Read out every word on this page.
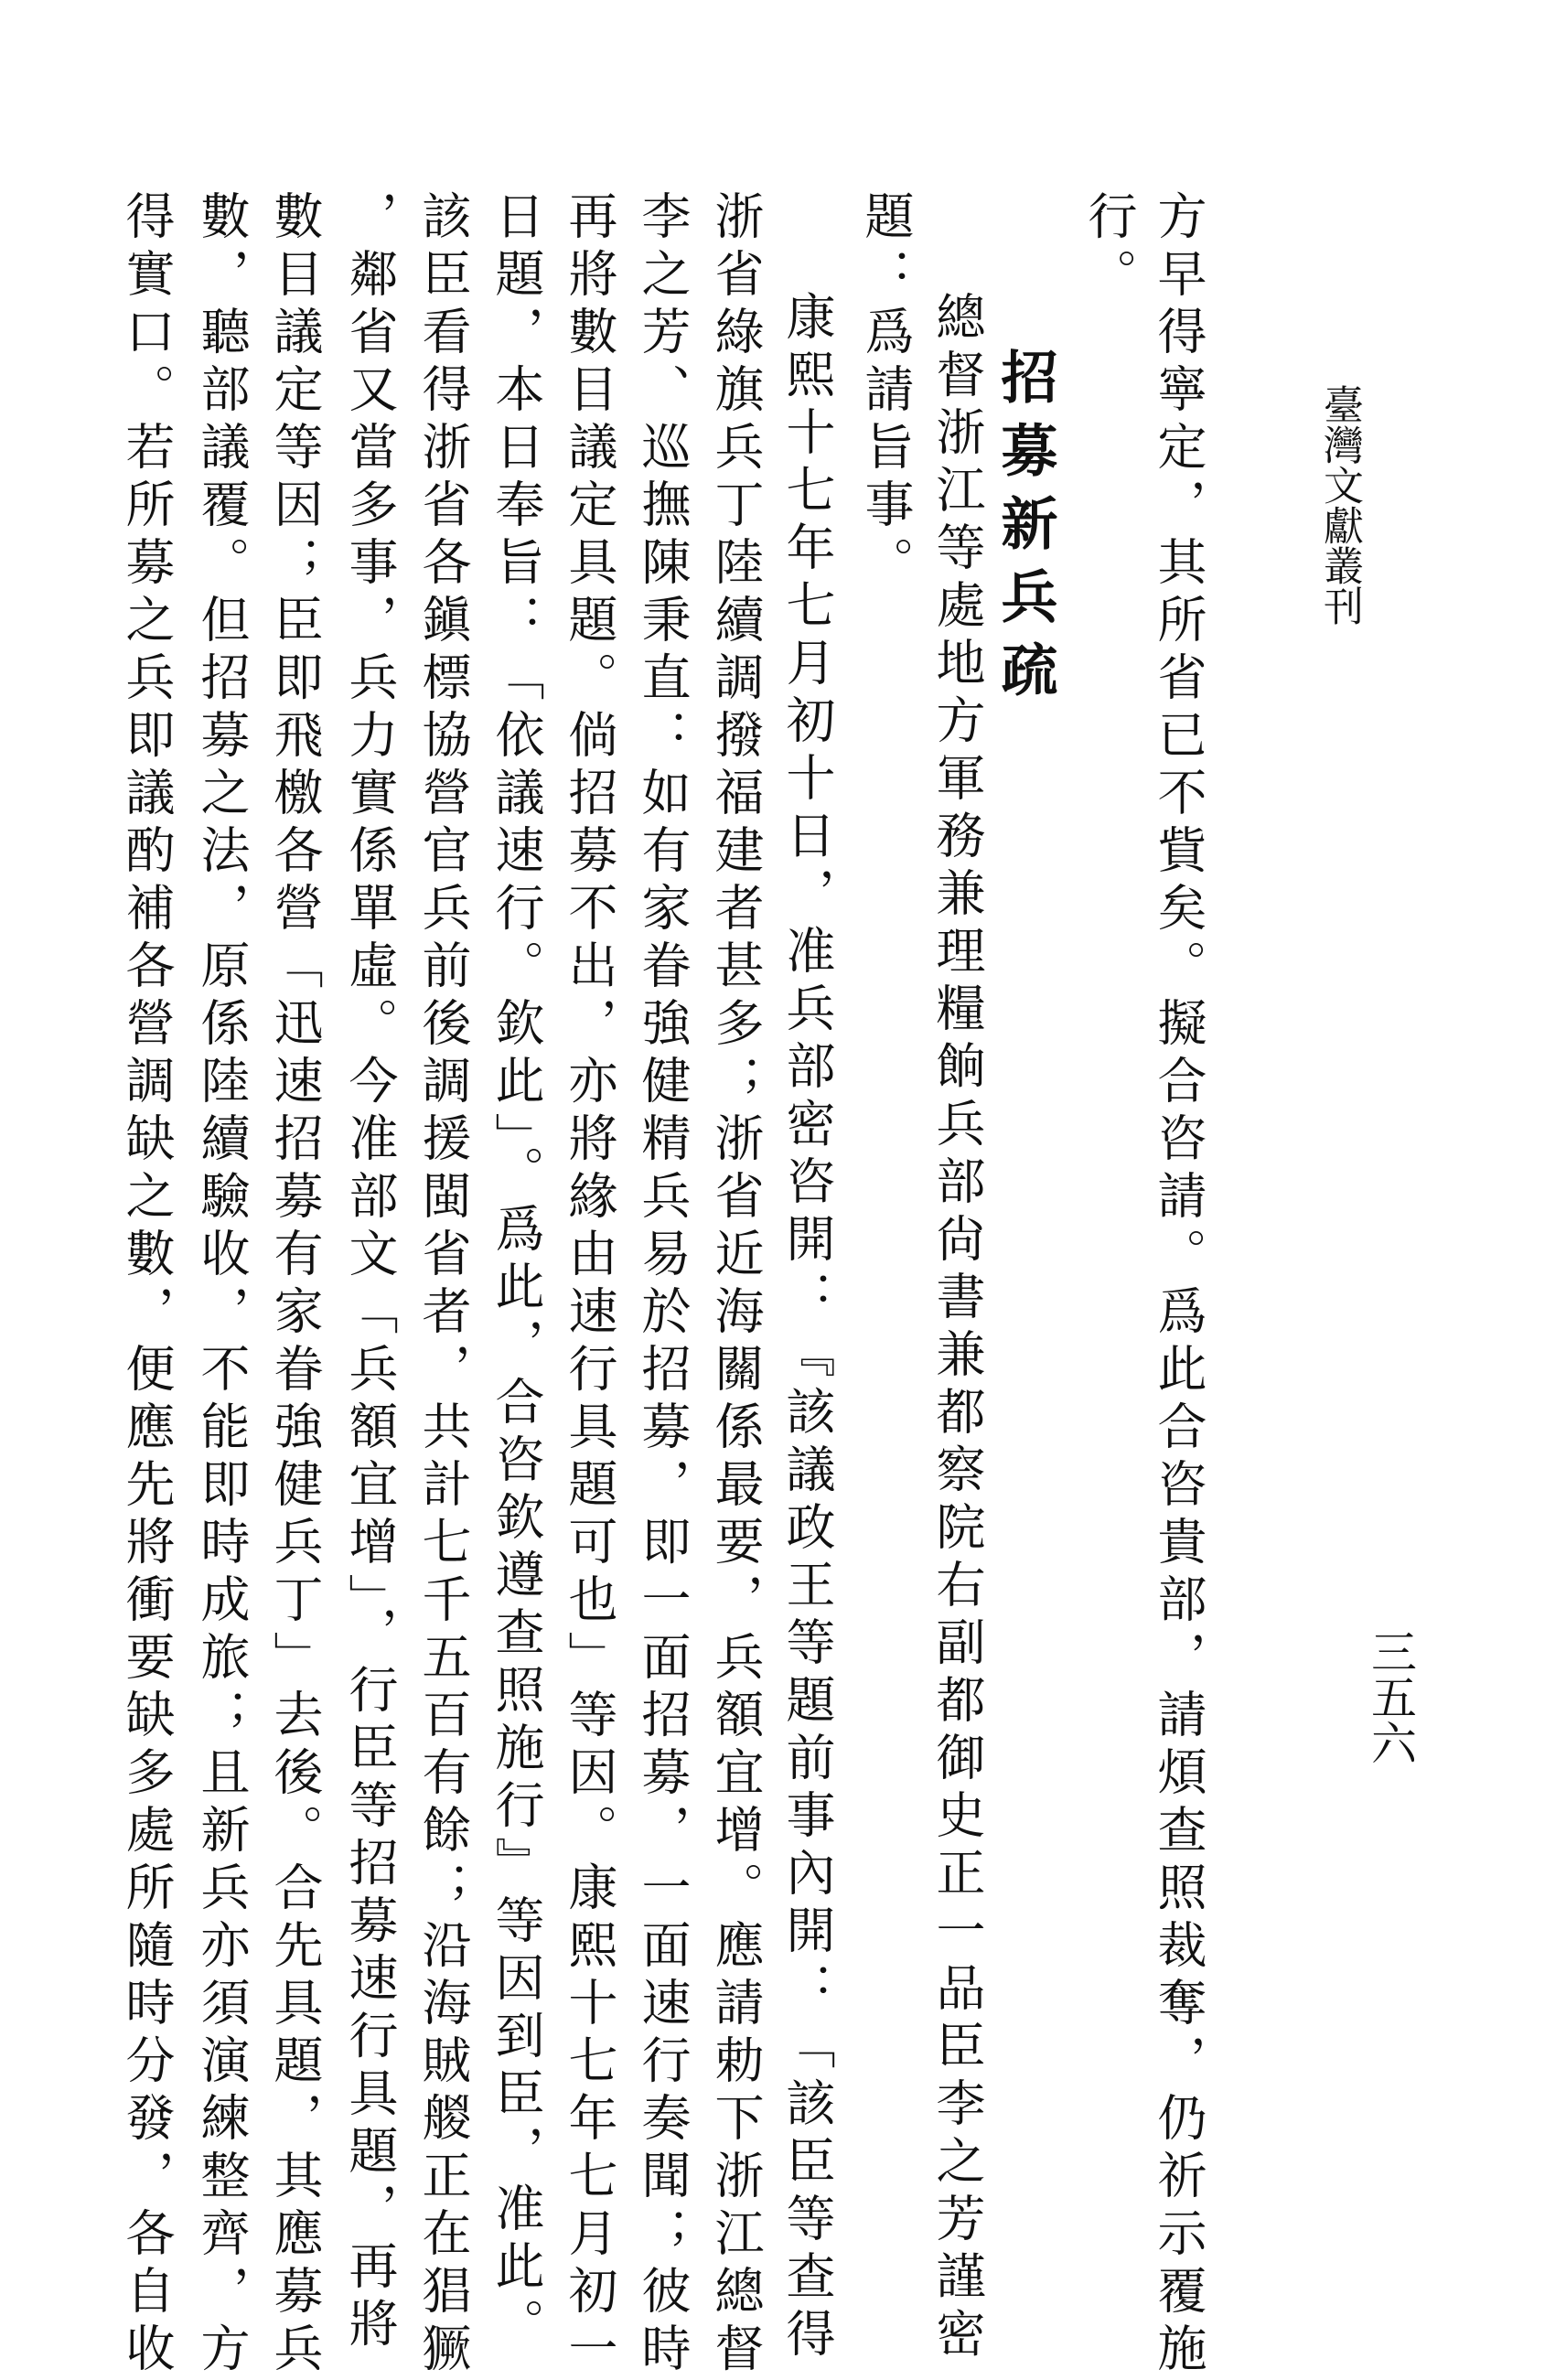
臺灣文獻叢刊
三五六
方早得寧定，其所省已不貲矣。擬合咨請。爲此合咨貴部，請煩查照裁奪，仍祈示覆施
行。
招募新兵疏
總督浙江等處地方軍務兼理糧餉兵部尙書兼都察院右副都御史正一品臣李之芳謹密
題：爲請旨事。
康熙十七年七月初十日，准兵部密咨開：『該議政王等題前事內開：「該臣等查得
浙省綠旗兵丁陸續調撥福建者甚多；浙省近海關係最要，兵額宜增。應請勅下浙江總督
李之芳、巡撫陳秉直：如有家眷強健精兵易於招募，即一面招募，一面速行奏聞；彼時
再將數目議定具題。倘招募不出，亦將緣由速行具題可也」等因。康熙十七年七月初一
日題，本日奉旨：「依議速行。欽此」。爲此，合咨欽遵查照施行』等因到臣，准此。
該臣看得浙省各鎭標協營官兵前後調援閩省者，共計七千五百有餘；沿海賊艐正在猖獗
，鄰省又當多事，兵力實係單虛。今准部文「兵額宜增」，行臣等招募速行具題，再將
數目議定等因；臣即飛檄各營「迅速招募有家眷強健兵丁」去後。合先具題，其應募兵
數，聽部議覆。但招募之法，原係陸續驗收，不能即時成旅；且新兵亦須演練整齊，方
得實口。若所募之兵即議酌補各營調缺之數，便應先將衝要缺多處所隨時分發，各自收
